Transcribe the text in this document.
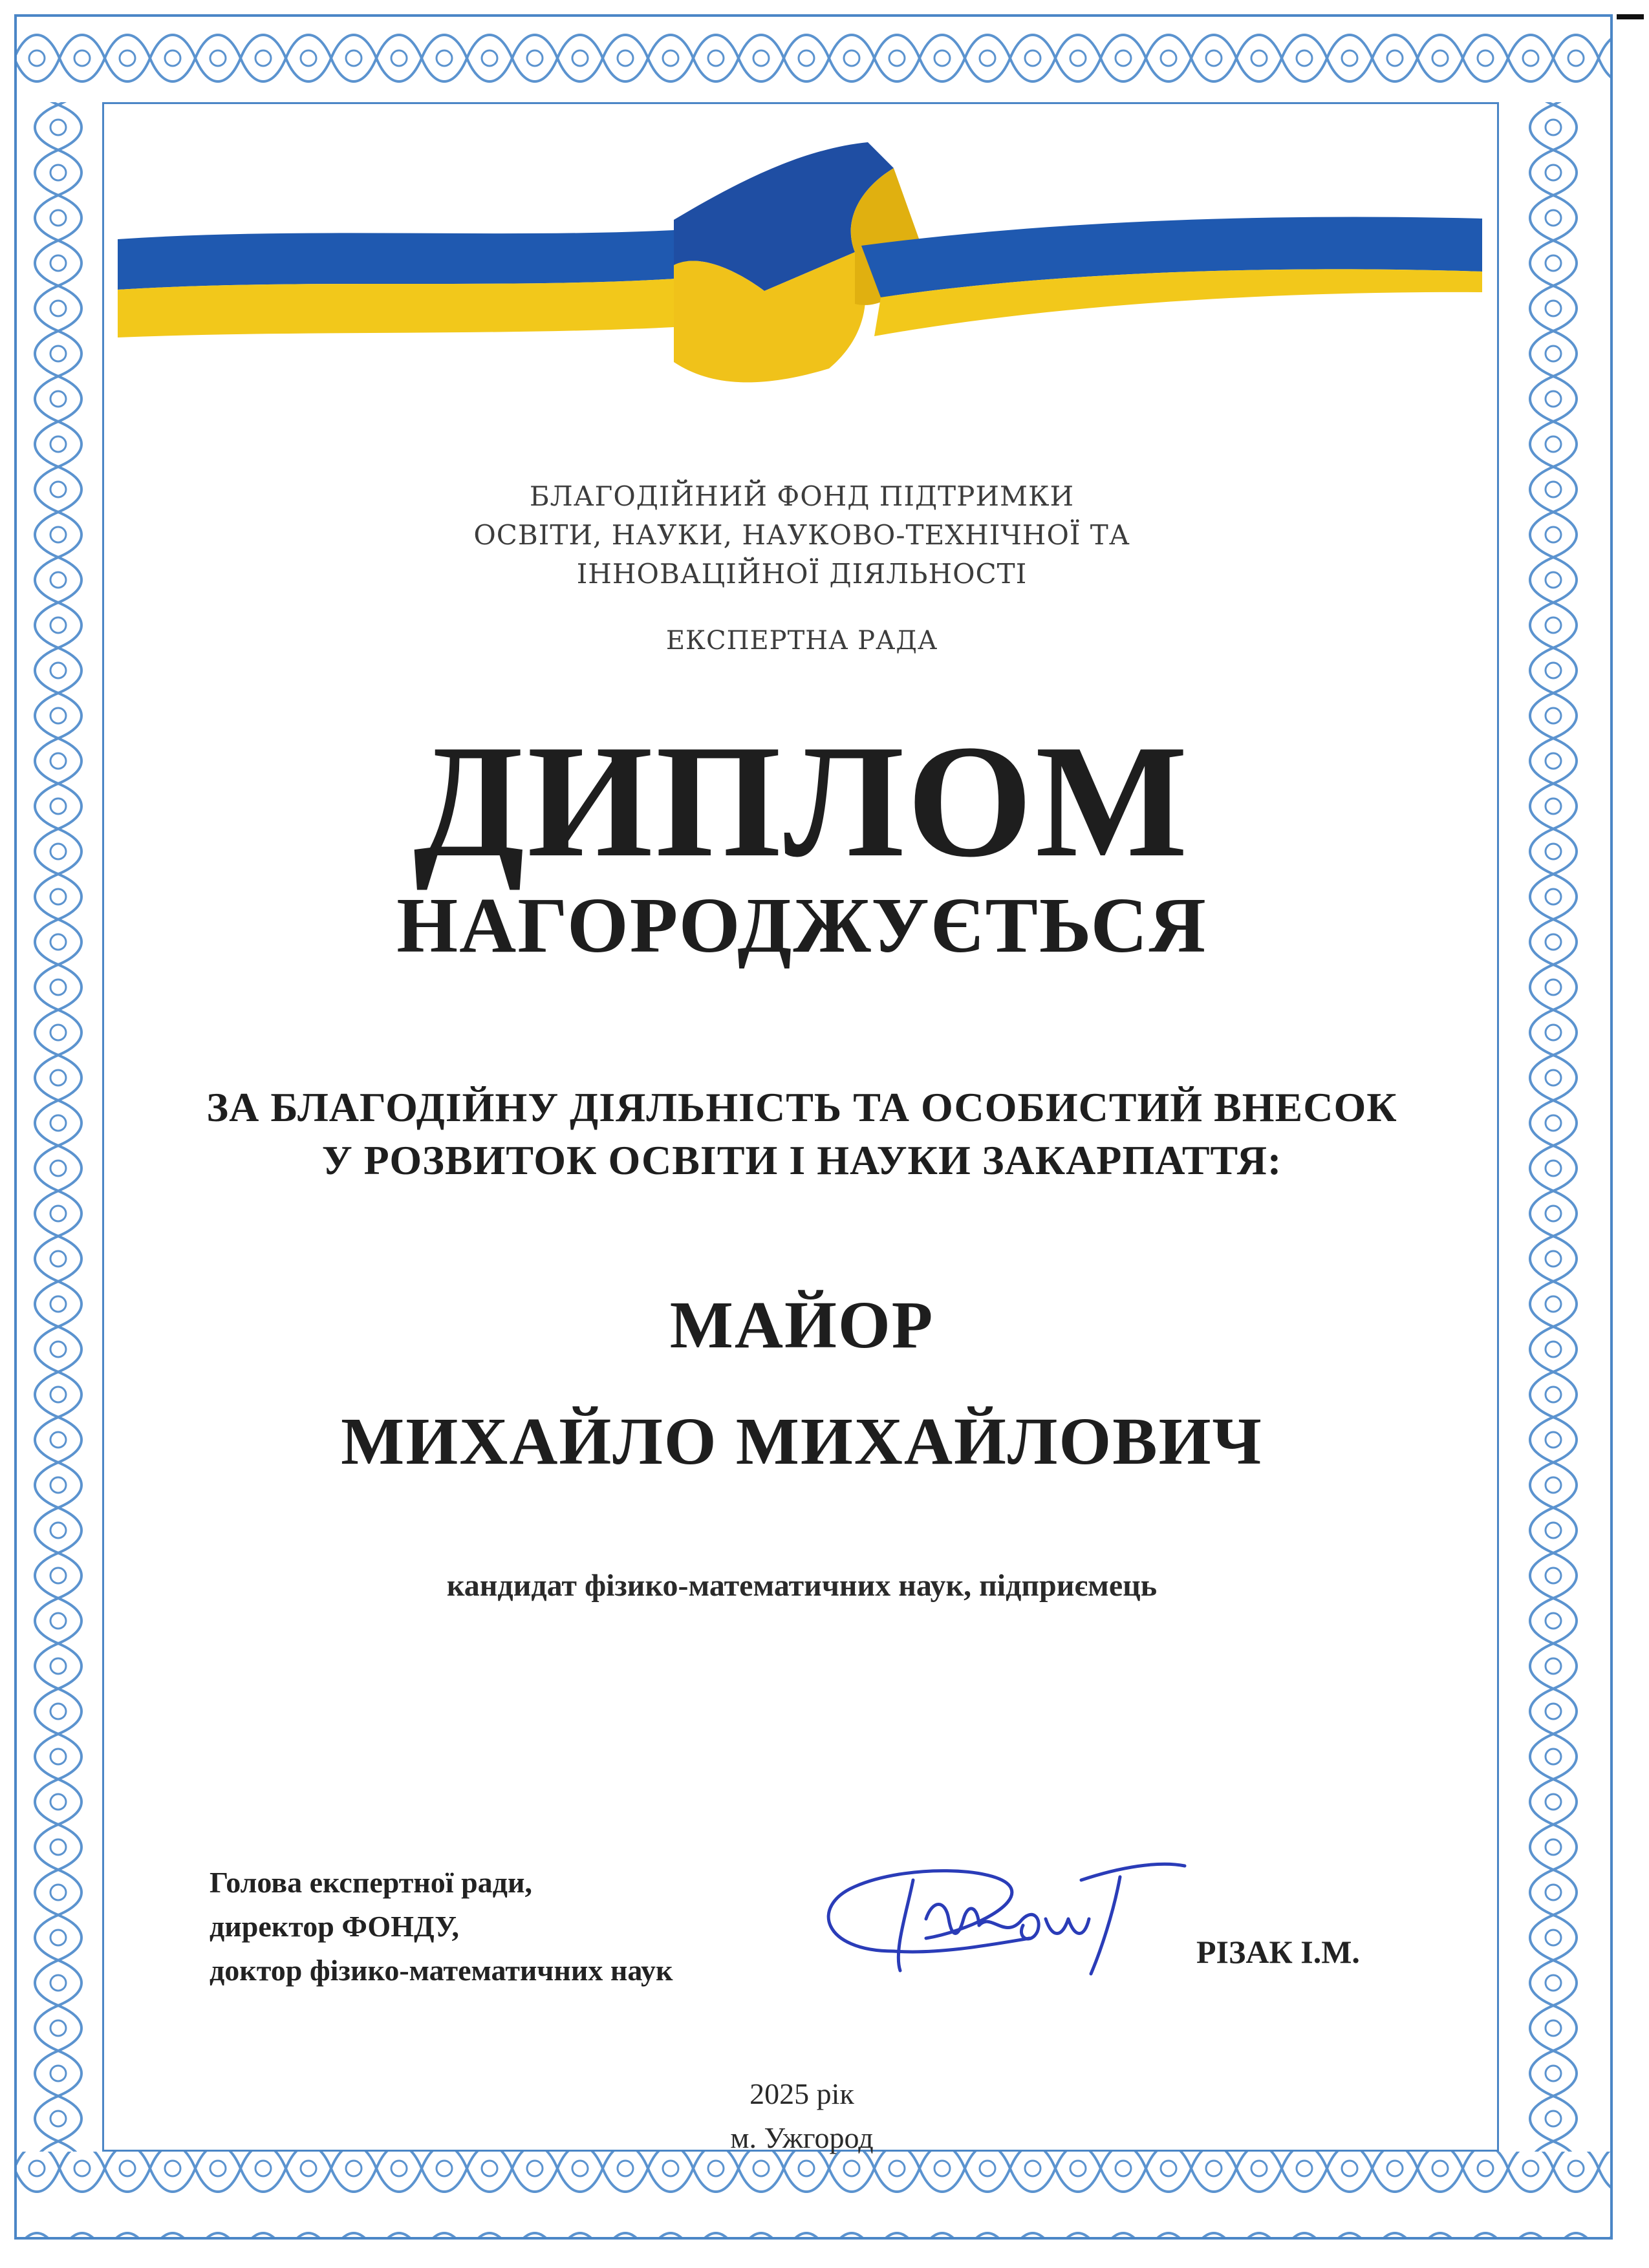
БЛАГОДІЙНИЙ ФОНД ПІДТРИМКИ
ОСВІТИ, НАУКИ, НАУКОВО-ТЕХНІЧНОЇ ТА
ІННОВАЦІЙНОЇ ДІЯЛЬНОСТІ
ЕКСПЕРТНА РАДА
ДИПЛОМ
НАГОРОДЖУЄТЬСЯ
ЗА БЛАГОДІЙНУ ДІЯЛЬНІСТЬ ТА ОСОБИСТИЙ ВНЕСОК
У РОЗВИТОК ОСВІТИ І НАУКИ ЗАКАРПАТТЯ:
МАЙОР
МИХАЙЛО МИХАЙЛОВИЧ
кандидат фізико-математичних наук, підприємець
Голова експертної ради,
директор ФОНДУ,
доктор фізико-математичних наук
РІЗАК І.М.
2025 рік
м. Ужгород
